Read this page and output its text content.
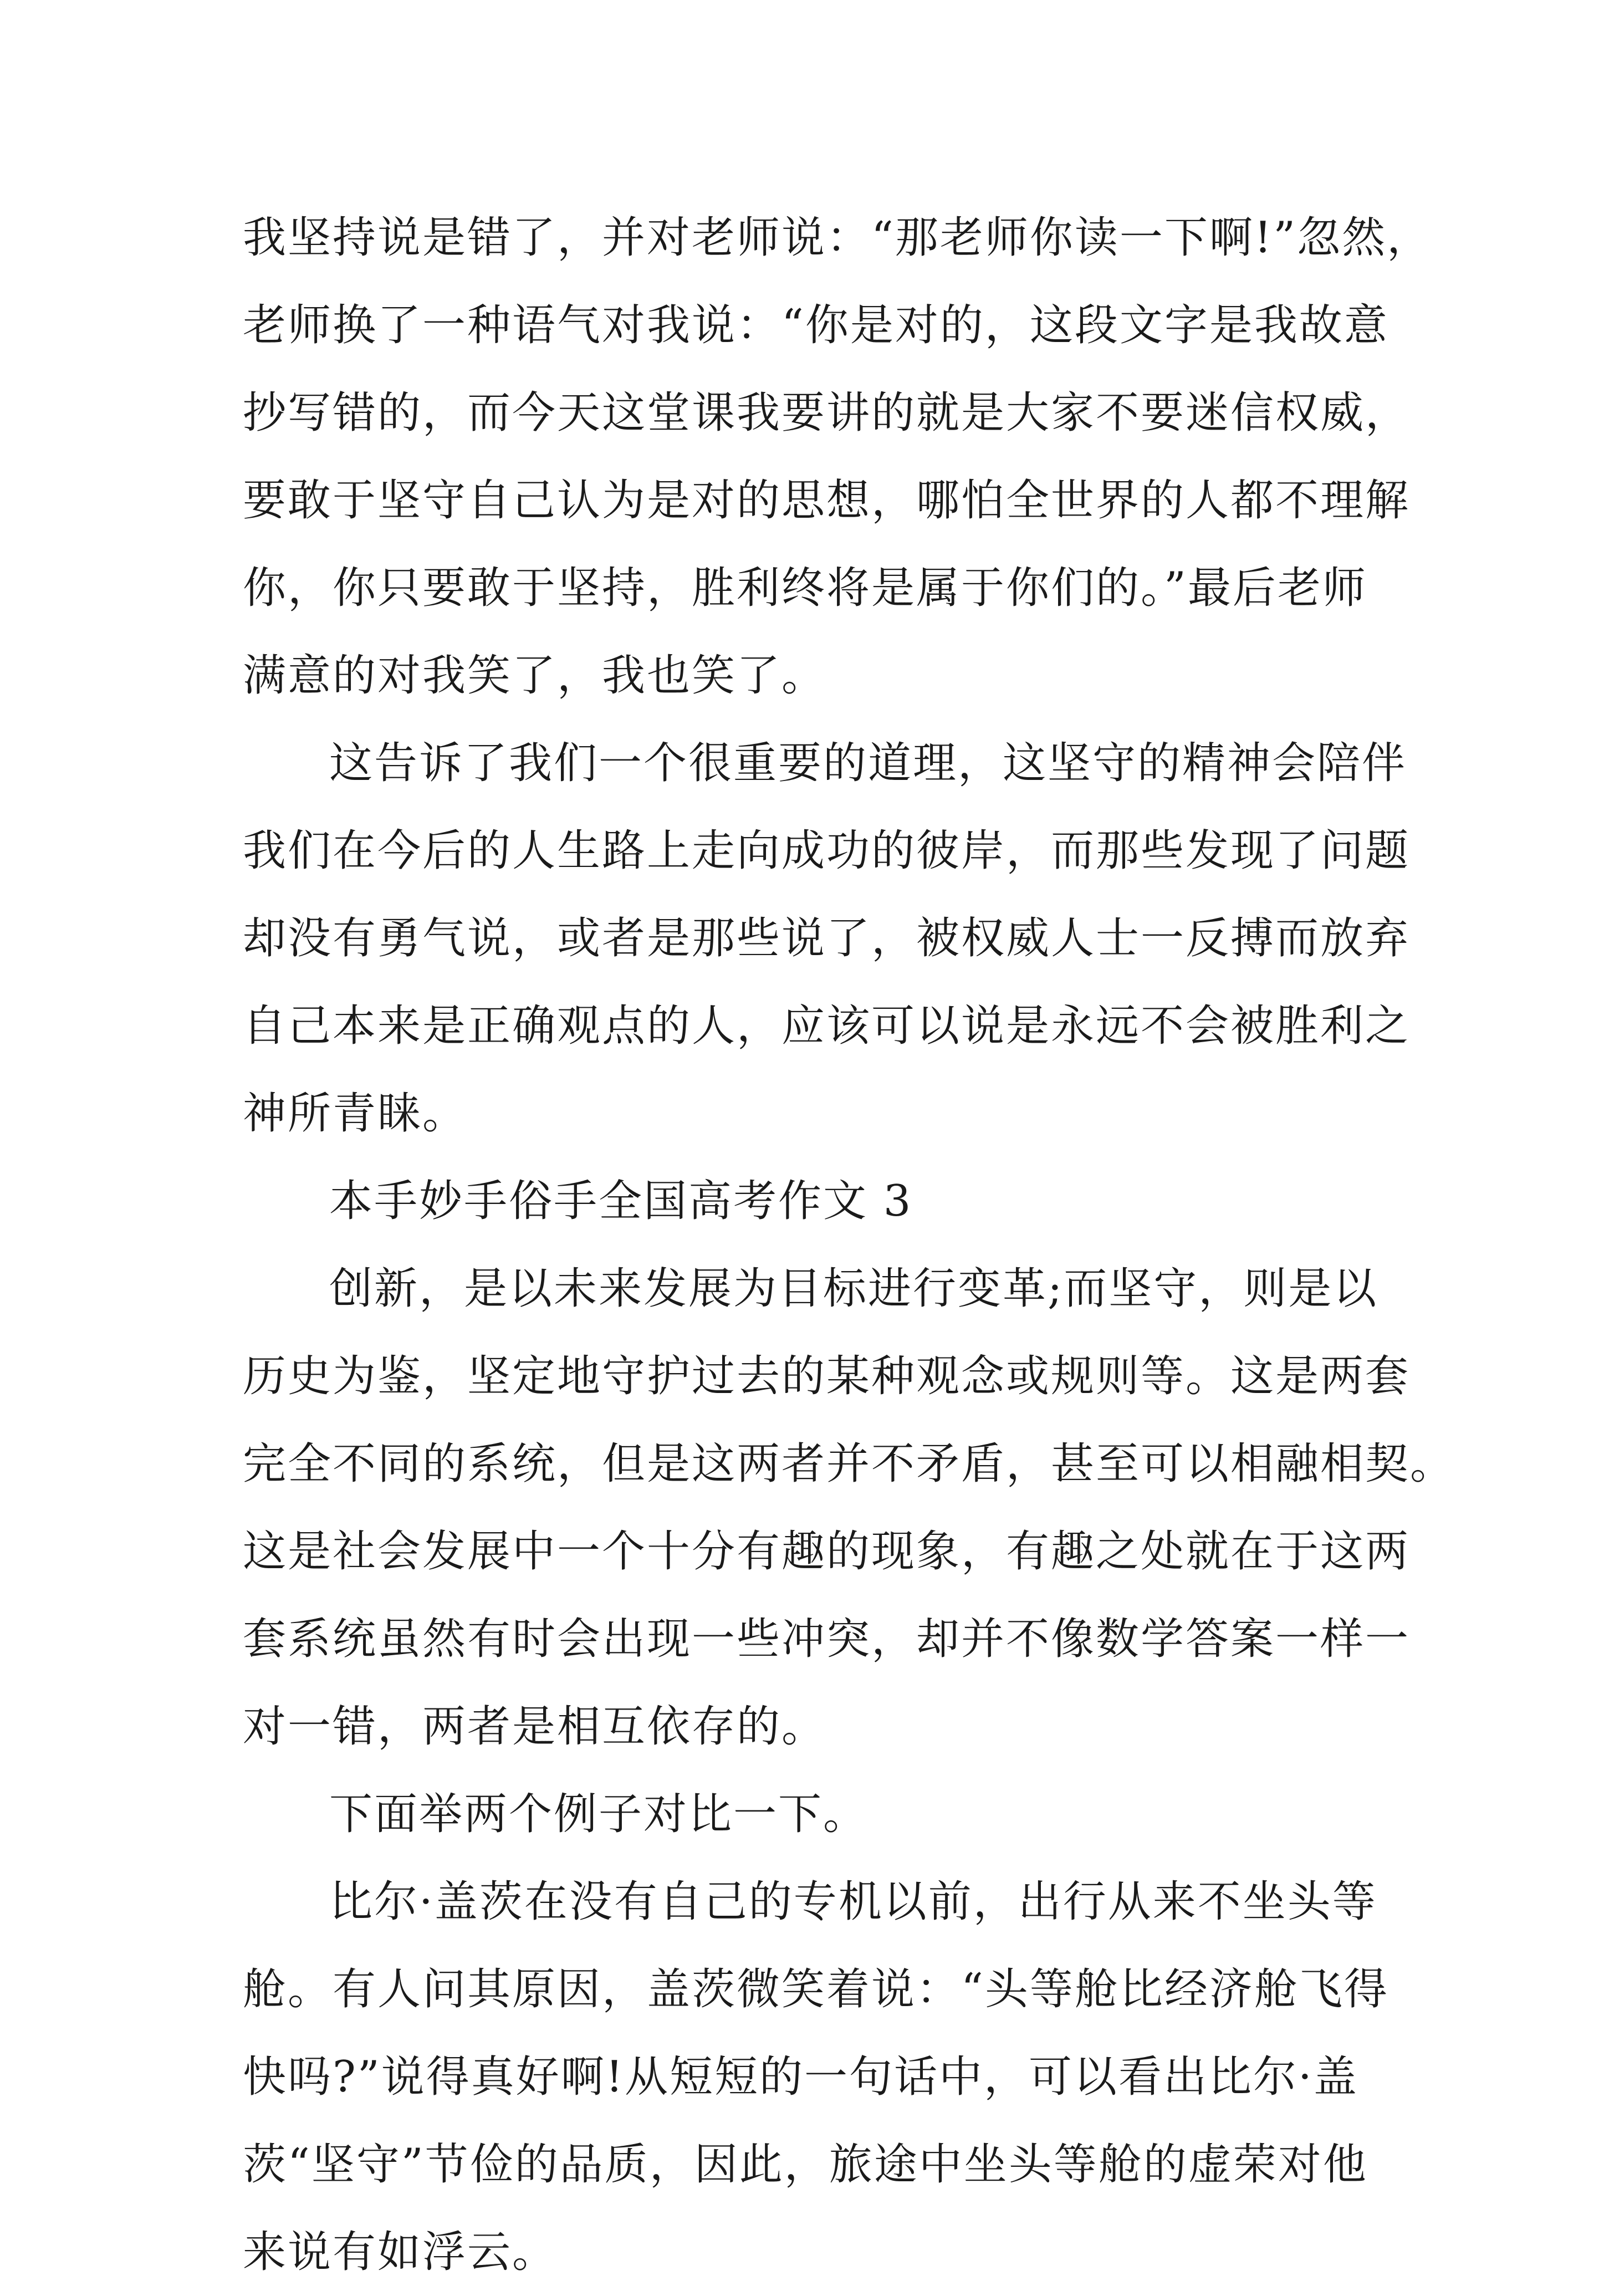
我坚持说是错了，并对老师说：“那老师你读一下啊!”忽然，
老师换了一种语气对我说：“你是对的，这段文字是我故意
抄写错的，而今天这堂课我要讲的就是大家不要迷信权威，
要敢于坚守自己认为是对的思想，哪怕全世界的人都不理解
你，你只要敢于坚持，胜利终将是属于你们的。”最后老师
满意的对我笑了，我也笑了。
这告诉了我们一个很重要的道理，这坚守的精神会陪伴
我们在今后的人生路上走向成功的彼岸，而那些发现了问题
却没有勇气说，或者是那些说了，被权威人士一反搏而放弃
自己本来是正确观点的人，应该可以说是永远不会被胜利之
神所青睐。
本手妙手俗手全国高考作文 3
创新，是以未来发展为目标进行变革;而坚守，则是以
历史为鉴，坚定地守护过去的某种观念或规则等。这是两套
完全不同的系统，但是这两者并不矛盾，甚至可以相融相契。
这是社会发展中一个十分有趣的现象，有趣之处就在于这两
套系统虽然有时会出现一些冲突，却并不像数学答案一样一
对一错，两者是相互依存的。
下面举两个例子对比一下。
比尔·盖茨在没有自己的专机以前，出行从来不坐头等
舱。有人问其原因，盖茨微笑着说：“头等舱比经济舱飞得
快吗?”说得真好啊!从短短的一句话中，可以看出比尔·盖
茨“坚守”节俭的品质，因此，旅途中坐头等舱的虚荣对他
来说有如浮云。
